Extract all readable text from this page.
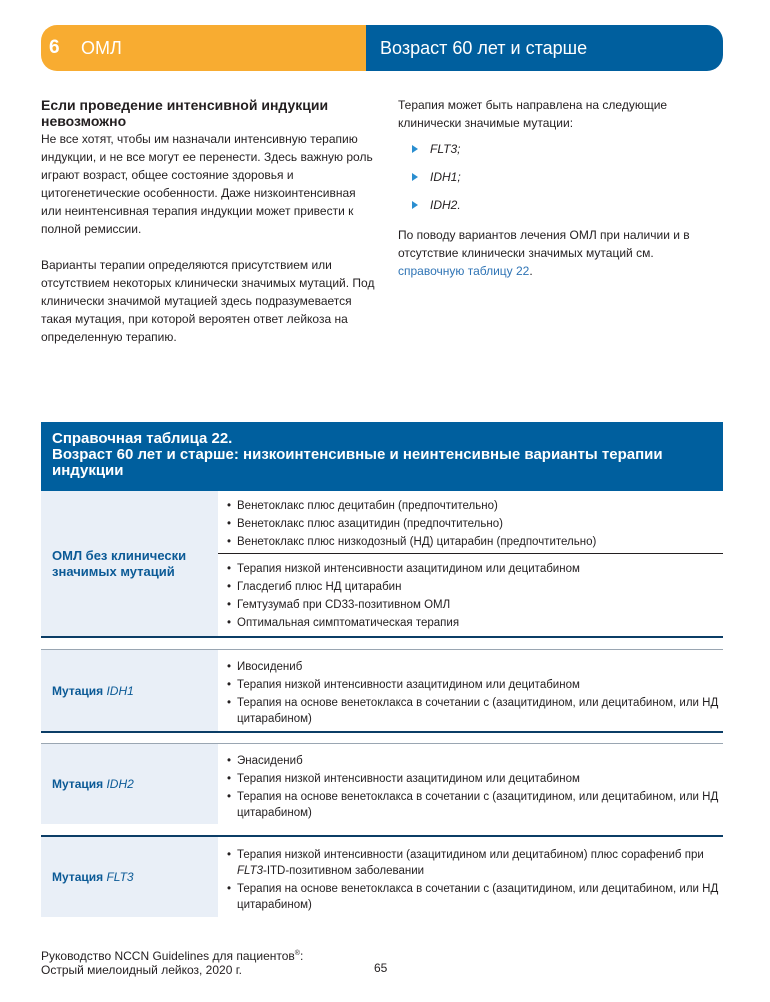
6 ОМЛ	Возраст 60 лет и старше
Если проведение интенсивной индукции невозможно

Не все хотят, чтобы им назначали интенсивную терапию индукции, и не все могут ее перенести. Здесь важную роль играют возраст, общее состояние здоровья и цитогенетические особенности. Даже низкоинтенсивная или неинтенсивная терапия индукции может привести к полной ремиссии.

Варианты терапии определяются присутствием или отсутствием некоторых клинически значимых мутаций. Под клинически значимой мутацией здесь подразумевается такая мутация, при которой вероятен ответ лейкоза на определенную терапию.

Терапия может быть направлена на следующие клинически значимые мутации:

FLT3;
IDH1;
IDH2.

По поводу вариантов лечения ОМЛ при наличии и в отсутствие клинически значимых мутаций см. справочную таблицу 22.

Справочная таблица 22.
Возраст 60 лет и старше: низкоинтенсивные и неинтенсивные варианты терапии индукции
ОМЛ без клинически значимых мутаций
• Венетоклакс плюс децитабин (предпочтительно)
• Венетоклакс плюс азацитидин (предпочтительно)
• Венетоклакс плюс низкодозный (НД) цитарабин (предпочтительно)
• Терапия низкой интенсивности азацитидином или децитабином
• Гласдегиб плюс НД цитарабин
• Гемтузумаб при CD33-позитивном ОМЛ
• Оптимальная симптоматическая терапия
Мутация
IDH1
• Ивосидениб
• Терапия низкой интенсивности азацитидином или децитабином
• Терапия на основе венетоклакса в сочетании с (азацитидином, или децитабином, или НД цитарабином)
Мутация
IDH2
• Энасидениб
• Терапия низкой интенсивности азацитидином или децитабином
• Терапия на основе венетоклакса в сочетании с (азацитидином, или децитабином, или НД цитарабином)
Мутация
FLT3
• Терапия низкой интенсивности (азацитидином или децитабином) плюс сорафениб при FLT3-ITD-позитивном заболевании
• Терапия на основе венетоклакса в сочетании с (азацитидином, или децитабином, или НД цитарабином)
Руководство NCCN Guidelines для пациентов®:
Острый миелоидный лейкоз, 2020 г.	65
